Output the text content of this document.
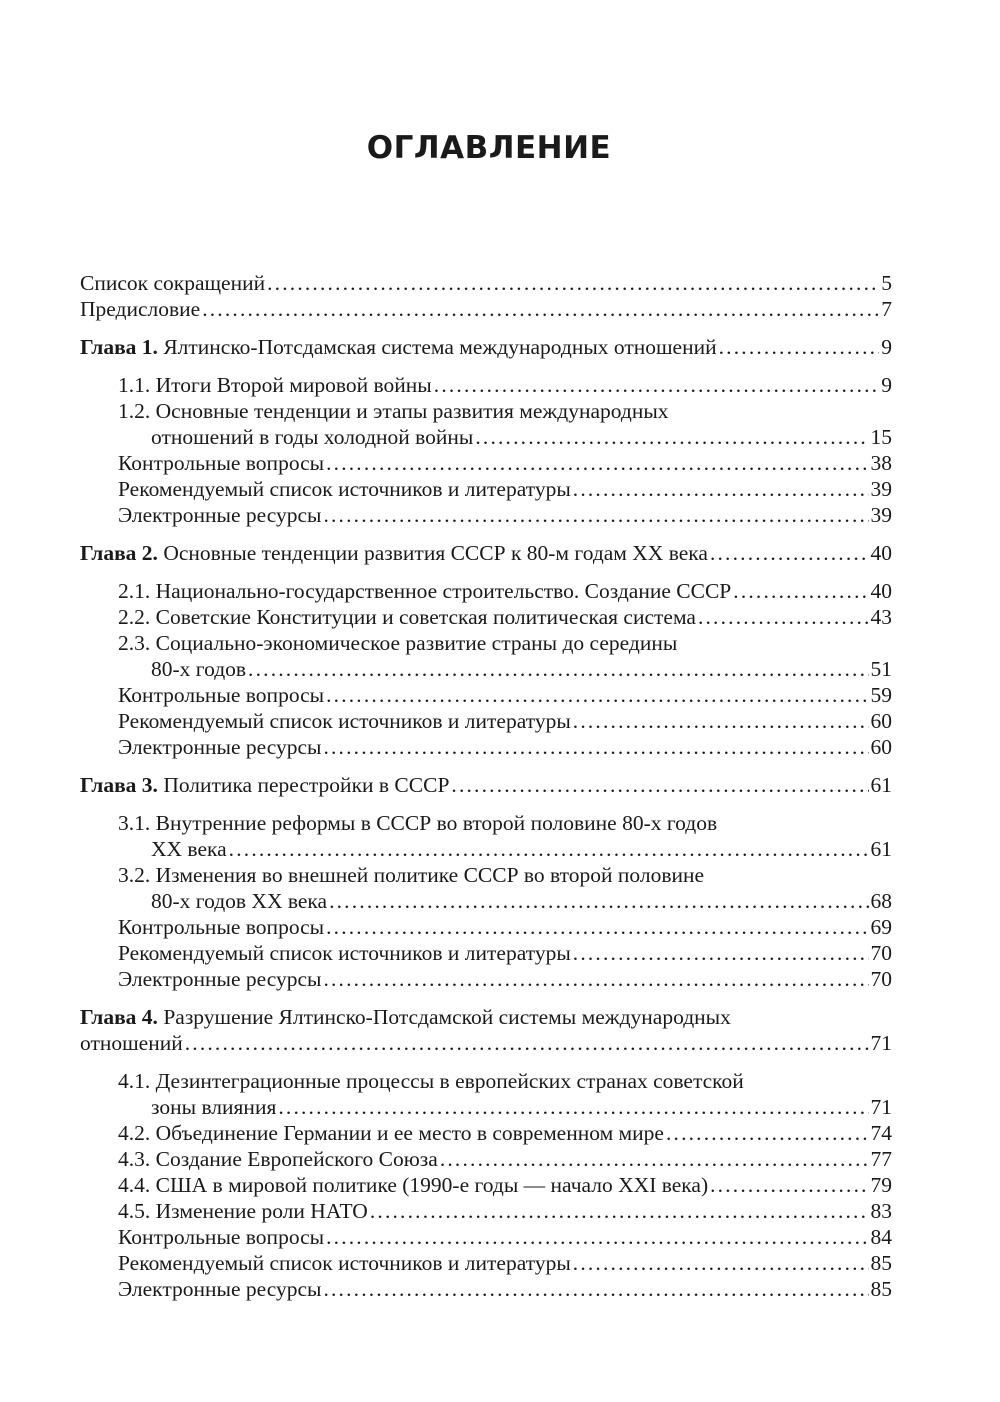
ОГЛАВЛЕНИЕ
Список сокращений . . .	5
Предисловие . . .	7
Глава 1. Ялтинско-Потсдамская система международных отношений . . .	9
1.1. Итоги Второй мировой войны . . .	9
1.2. Основные тенденции и этапы развития международных
отношений в годы холодной войны . . .	15
Контрольные вопросы . . .	38
Рекомендуемый список источников и литературы . . .	39
Электронные ресурсы . . .	39
Глава 2. Основные тенденции развития СССР к 80-м годам XX века . . .	40
2.1. Национально-государственное строительство. Создание СССР . . .	40
2.2. Советские Конституции и советская политическая система . . .	43
2.3. Социально-экономическое развитие страны до середины
80-х годов . . .	51
Контрольные вопросы . . .	59
Рекомендуемый список источников и литературы . . .	60
Электронные ресурсы . . .	60
Глава 3. Политика перестройки в СССР . . .	61
3.1. Внутренние реформы в СССР во второй половине 80-х годов
XX века . . .	61
3.2. Изменения во внешней политике СССР во второй половине
80-х годов XX века . . .	68
Контрольные вопросы . . .	69
Рекомендуемый список источников и литературы . . .	70
Электронные ресурсы . . .	70
Глава 4. Разрушение Ялтинско-Потсдамской системы международных
отношений . . .	71
4.1. Дезинтеграционные процессы в европейских странах советской
зоны влияния . . .	71
4.2. Объединение Германии и ее место в современном мире . . .	74
4.3. Создание Европейского Союза . . .	77
4.4. США в мировой политике (1990-е годы — начало XXI века) . . .	79
4.5. Изменение роли НАТО . . .	83
Контрольные вопросы . . .	84
Рекомендуемый список источников и литературы . . .	85
Электронные ресурсы . . .	85
